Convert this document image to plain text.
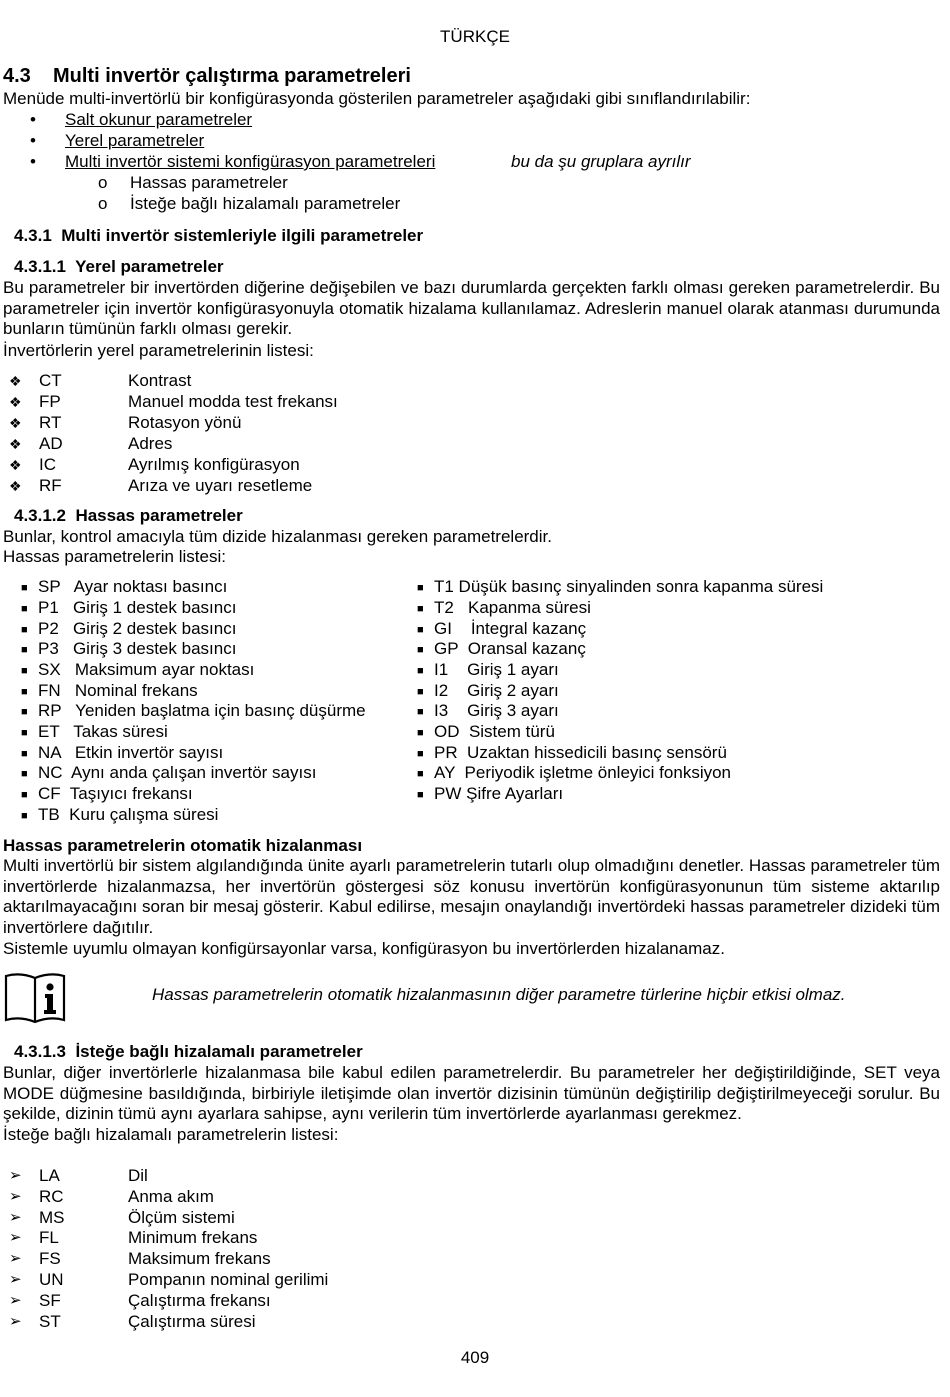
TÜRKÇE
4.3 Multi invertör çalıştırma parametreleri
Menüde multi-invertörlü bir konfigürasyonda gösterilen parametreler aşağıdaki gibi sınıflandırılabilir:
• Salt okunur parametreler
• Yerel parametreler
• Multi invertör sistemi konfigürasyon parametreleri	bu da şu gruplara ayrılır
o Hassas parametreler
o İsteğe bağlı hizalamalı parametreler
4.3.1 Multi invertör sistemleriyle ilgili parametreler
4.3.1.1 Yerel parametreler
Bu parametreler bir invertörden diğerine değişebilen ve bazı durumlarda gerçekten farklı olması gereken parametrelerdir. Bu parametreler için invertör konfigürasyonuyla otomatik hizalama kullanılamaz. Adreslerin manuel olarak atanması durumunda bunların tümünün farklı olması gerekir.
İnvertörlerin yerel parametrelerinin listesi:
❖ CT	Kontrast
❖ FP	Manuel modda test frekansı
❖ RT	Rotasyon yönü
❖ AD	Adres
❖ IC	Ayrılmış konfigürasyon
❖ RF	Arıza ve uyarı resetleme
4.3.1.2 Hassas parametreler
Bunlar, kontrol amacıyla tüm dizide hizalanması gereken parametrelerdir.
Hassas parametrelerin listesi:
■ SP   Ayar noktası basıncı
■ P1   Giriş 1 destek basıncı
■ P2   Giriş 2 destek basıncı
■ P3   Giriş 3 destek basıncı
■ SX   Maksimum ayar noktası
■ FN   Nominal frekans
■ RP   Yeniden başlatma için basınç düşürme
■ ET   Takas süresi
■ NA   Etkin invertör sayısı
■ NC  Aynı anda çalışan invertör sayısı
■ CF  Taşıyıcı frekansı
■ TB  Kuru çalışma süresi
■ T1 Düşük basınç sinyalinden sonra kapanma süresi
■ T2   Kapanma süresi
■ GI    İntegral kazanç
■ GP  Oransal kazanç
■ I1    Giriş 1 ayarı
■ I2    Giriş 2 ayarı
■ I3    Giriş 3 ayarı
■ OD  Sistem türü
■ PR  Uzaktan hissedicili basınç sensörü
■ AY  Periyodik işletme önleyici fonksiyon
■ PW Şifre Ayarları
Hassas parametrelerin otomatik hizalanması
Multi invertörlü bir sistem algılandığında ünite ayarlı parametrelerin tutarlı olup olmadığını denetler. Hassas parametreler tüm invertörlerde hizalanmazsa, her invertörün göstergesi söz konusu invertörün konfigürasyonunun tüm sisteme aktarılıp aktarılmayacağını soran bir mesaj gösterir. Kabul edilirse, mesajın onaylandığı invertördeki hassas parametreler dizideki tüm invertörlere dağıtılır.
Sistemle uyumlu olmayan konfigürsayonlar varsa, konfigürasyon bu invertörlerden hizalanamaz.
Hassas parametrelerin otomatik hizalanmasının diğer parametre türlerine hiçbir etkisi olmaz.
4.3.1.3 İsteğe bağlı hizalamalı parametreler
Bunlar, diğer invertörlerle hizalanmasa bile kabul edilen parametrelerdir. Bu parametreler her değiştirildiğinde, SET veya MODE düğmesine basıldığında, birbiriyle iletişimde olan invertör dizisinin tümünün değiştirilip değiştirilmeyeceği sorulur. Bu şekilde, dizinin tümü aynı ayarlara sahipse, aynı verilerin tüm invertörlerde ayarlanması gerekmez.
İsteğe bağlı hizalamalı parametrelerin listesi:
➢ LA	Dil
➢ RC	Anma akım
➢ MS	Ölçüm sistemi
➢ FL	Minimum frekans
➢ FS	Maksimum frekans
➢ UN	Pompanın nominal gerilimi
➢ SF	Çalıştırma frekansı
➢ ST	Çalıştırma süresi
409
